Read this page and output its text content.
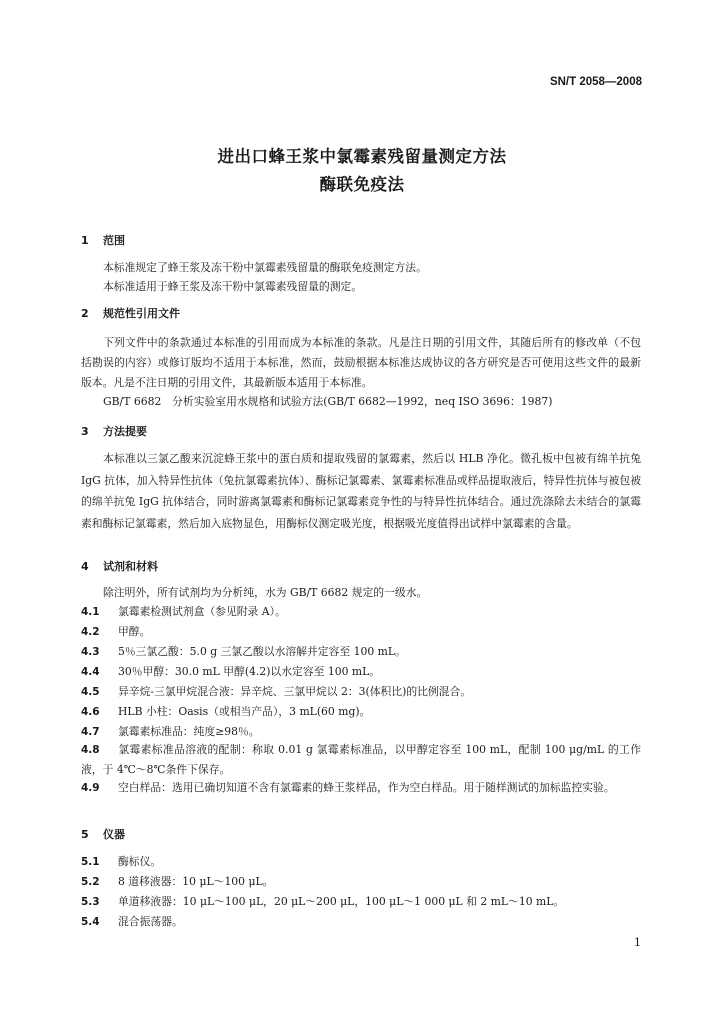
SN/T 2058—2008
进出口蜂王浆中氯霉素残留量测定方法
酶联免疫法
1 范围
本标准规定了蜂王浆及冻干粉中氯霉素残留量的酶联免疫测定方法。
本标准适用于蜂王浆及冻干粉中氯霉素残留量的测定。
2 规范性引用文件
下列文件中的条款通过本标准的引用而成为本标准的条款。凡是注日期的引用文件，其随后所有的修改单（不包括勘误的内容）或修订版均不适用于本标准，然而，鼓励根据本标准达成协议的各方研究是否可使用这些文件的最新版本。凡是不注日期的引用文件，其最新版本适用于本标准。
GB/T 6682　分析实验室用水规格和试验方法(GB/T 6682—1992，neq ISO 3696：1987)
3 方法提要
本标准以三氯乙酸来沉淀蜂王浆中的蛋白质和提取残留的氯霉素，然后以 HLB 净化。微孔板中包被有绵羊抗兔 IgG 抗体，加入特异性抗体（兔抗氯霉素抗体）、酶标记氯霉素、氯霉素标准品或样品提取液后，特异性抗体与被包被的绵羊抗兔 IgG 抗体结合，同时游离氯霉素和酶标记氯霉素竞争性的与特异性抗体结合。通过洗涤除去未结合的氯霉素和酶标记氯霉素，然后加入底物显色，用酶标仪测定吸光度，根据吸光度值得出试样中氯霉素的含量。
4 试剂和材料
除注明外，所有试剂均为分析纯，水为 GB/T 6682 规定的一级水。
4.1 氯霉素检测试剂盒（参见附录 A）。
4.2 甲醇。
4.3 5％三氯乙酸：5.0 g 三氯乙酸以水溶解并定容至 100 mL。
4.4 30％甲醇：30.0 mL 甲醇(4.2)以水定容至 100 mL。
4.5 异辛烷-三氯甲烷混合液：异辛烷、三氯甲烷以 2：3(体积比)的比例混合。
4.6 HLB 小柱：Oasis（或相当产品），3 mL(60 mg)。
4.7 氯霉素标准品：纯度≥98％。
4.8 氯霉素标准品溶液的配制：称取 0.01 g 氯霉素标准品，以甲醇定容至 100 mL，配制 100 μg/mL 的工作液，于 4℃～8℃条件下保存。
4.9 空白样品：选用已确切知道不含有氯霉素的蜂王浆样品，作为空白样品。用于随样测试的加标监控实验。
5 仪器
5.1 酶标仪。
5.2 8 道移液器：10 μL～100 μL。
5.3 单道移液器：10 μL～100 μL，20 μL～200 μL，100 μL～1 000 μL 和 2 mL～10 mL。
5.4 混合振荡器。
1
